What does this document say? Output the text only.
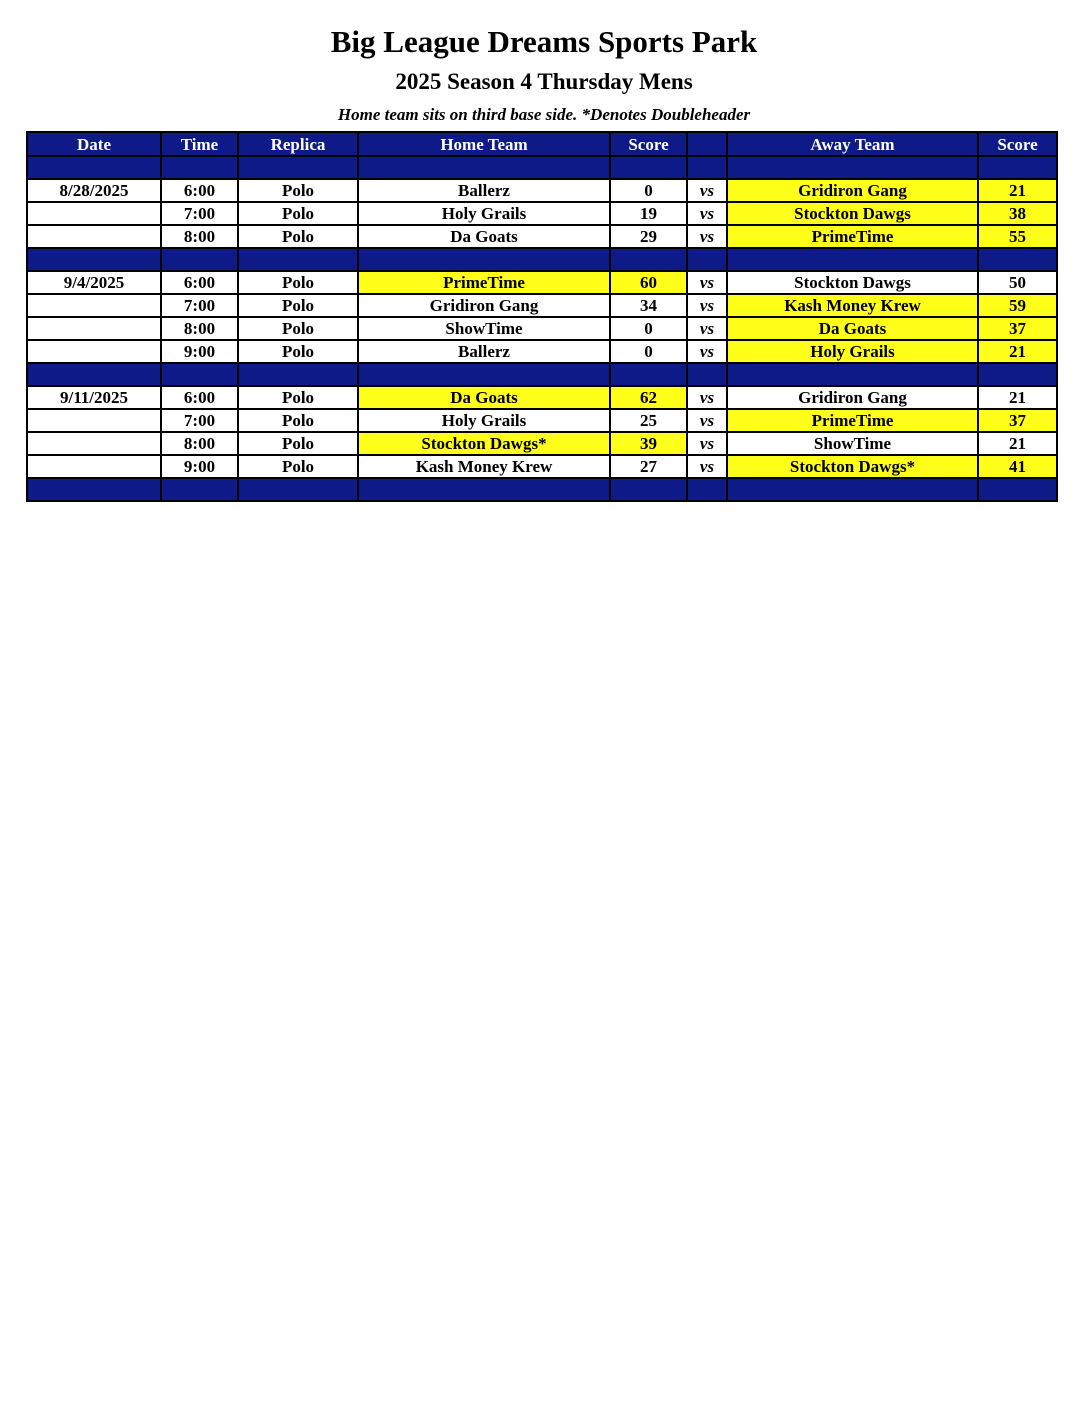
Big League Dreams Sports Park
2025 Season 4 Thursday Mens
Home team sits on third base side. *Denotes Doubleheader
Date	Time	Replica	Home Team	Score		Away Team	Score

8/28/2025	6:00	Polo	Ballerz	0	vs	Gridiron Gang	21
	7:00	Polo	Holy Grails	19	vs	Stockton Dawgs	38
	8:00	Polo	Da Goats	29	vs	PrimeTime	55

9/4/2025	6:00	Polo	PrimeTime	60	vs	Stockton Dawgs	50
	7:00	Polo	Gridiron Gang	34	vs	Kash Money Krew	59
	8:00	Polo	ShowTime	0	vs	Da Goats	37
	9:00	Polo	Ballerz	0	vs	Holy Grails	21

9/11/2025	6:00	Polo	Da Goats	62	vs	Gridiron Gang	21
	7:00	Polo	Holy Grails	25	vs	PrimeTime	37
	8:00	Polo	Stockton Dawgs*	39	vs	ShowTime	21
	9:00	Polo	Kash Money Krew	27	vs	Stockton Dawgs*	41
